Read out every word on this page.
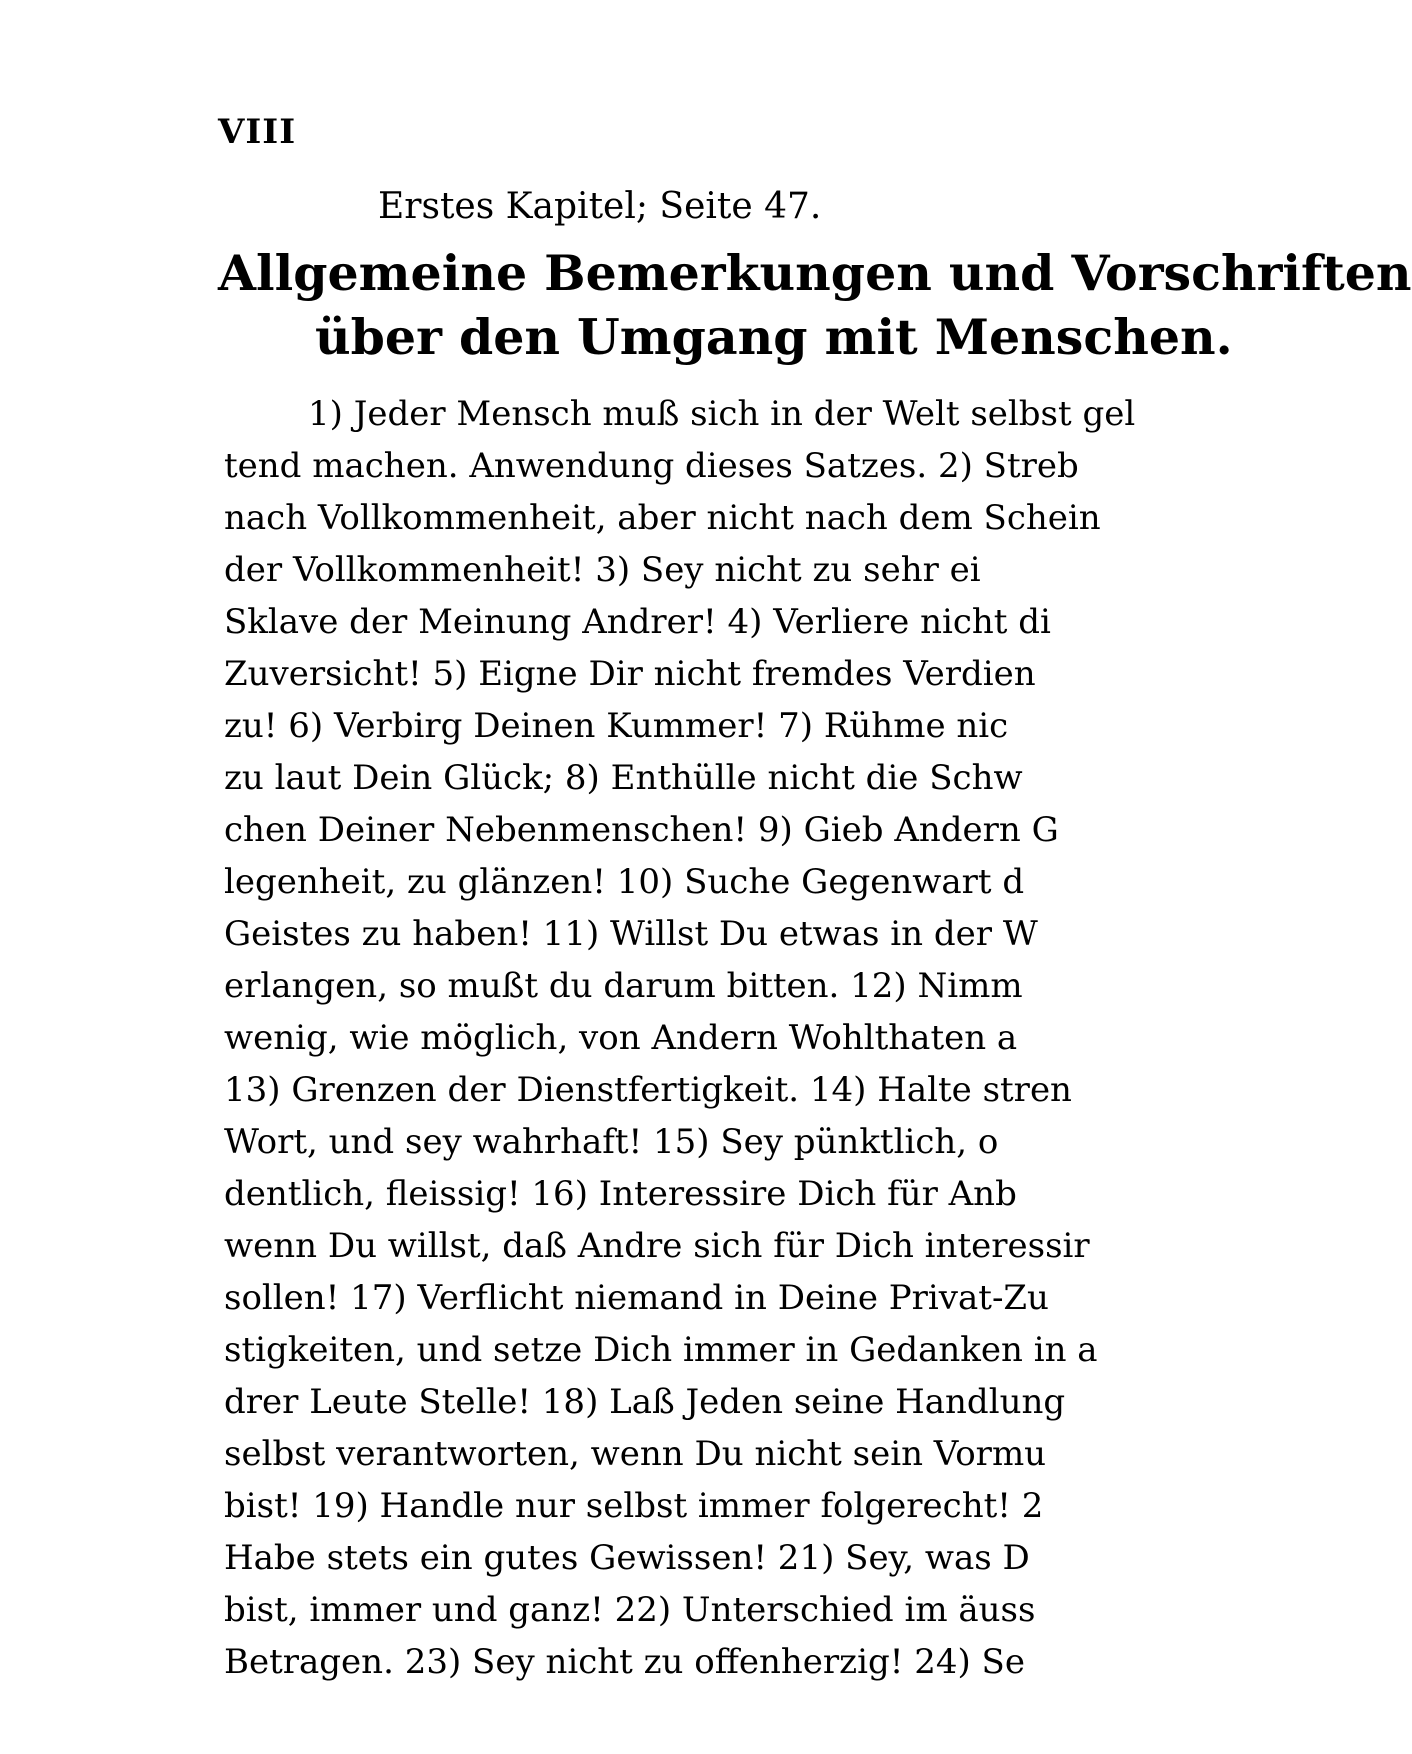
VIII
Erstes Kapitel; Seite 47.
Allgemeine Bemerkungen und Vorschriften
über den Umgang mit Menschen.
1) Jeder Mensch muß sich in der Welt selbst gel
tend machen. Anwendung dieses Satzes. 2) Streb
nach Vollkommenheit, aber nicht nach dem Schein
der Vollkommenheit! 3) Sey nicht zu sehr ei
Sklave der Meinung Andrer! 4) Verliere nicht di
Zuversicht! 5) Eigne Dir nicht fremdes Verdien
zu! 6) Verbirg Deinen Kummer! 7) Rühme nic
zu laut Dein Glück; 8) Enthülle nicht die Schw
chen Deiner Nebenmenschen! 9) Gieb Andern G
legenheit, zu glänzen! 10) Suche Gegenwart d
Geistes zu haben! 11) Willst Du etwas in der W
erlangen, so mußt du darum bitten. 12) Nimm
wenig, wie möglich, von Andern Wohlthaten a
13) Grenzen der Dienstfertigkeit. 14) Halte stren
Wort, und sey wahrhaft! 15) Sey pünktlich, o
dentlich, fleissig! 16) Interessire Dich für Anb
wenn Du willst, daß Andre sich für Dich interessir
sollen! 17) Verflicht niemand in Deine Privat-Zu
stigkeiten, und setze Dich immer in Gedanken in a
drer Leute Stelle! 18) Laß Jeden seine Handlung
selbst verantworten, wenn Du nicht sein Vormu
bist! 19) Handle nur selbst immer folgerecht! 2
Habe stets ein gutes Gewissen! 21) Sey, was D
bist, immer und ganz! 22) Unterschied im äuss
Betragen. 23) Sey nicht zu offenherzig! 24) Se
